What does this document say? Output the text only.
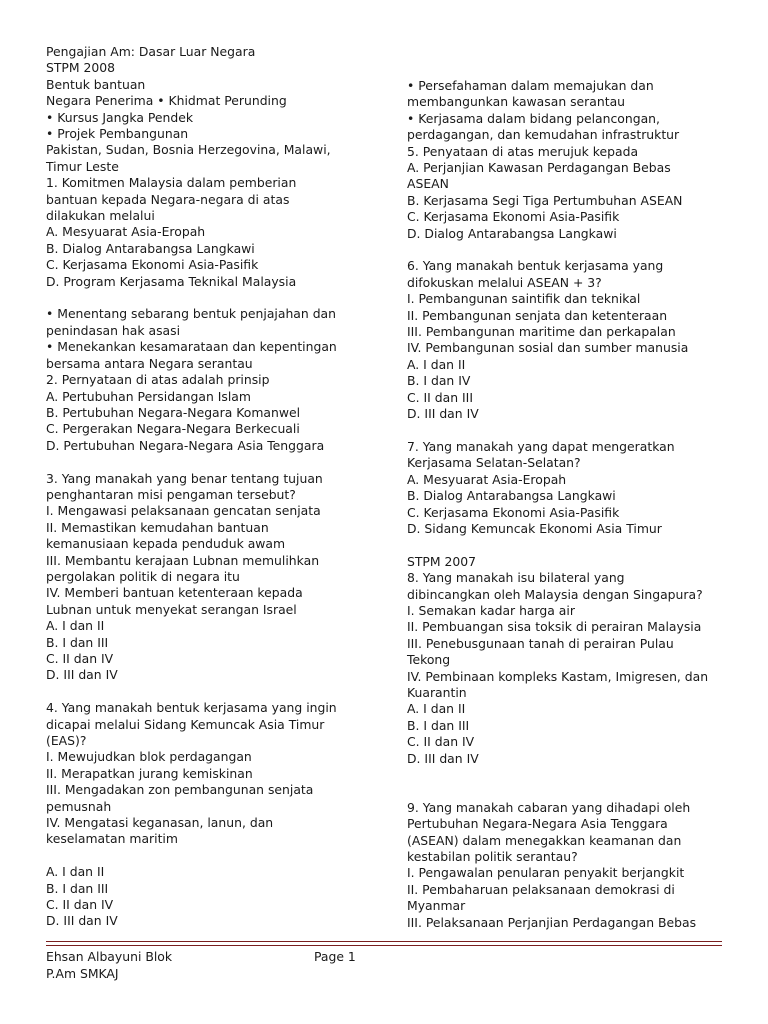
Pengajian Am: Dasar Luar Negara
STPM 2008
Bentuk bantuan
Negara Penerima • Khidmat Perunding
• Kursus Jangka Pendek
• Projek Pembangunan
Pakistan, Sudan, Bosnia Herzegovina, Malawi,
Timur Leste
1. Komitmen Malaysia dalam pemberian
bantuan kepada Negara-negara di atas
dilakukan melalui
A. Mesyuarat Asia-Eropah
B. Dialog Antarabangsa Langkawi
C. Kerjasama Ekonomi Asia-Pasifik
D. Program Kerjasama Teknikal Malaysia
• Menentang sebarang bentuk penjajahan dan
penindasan hak asasi
• Menekankan kesamarataan dan kepentingan
bersama antara Negara serantau
2. Pernyataan di atas adalah prinsip
A. Pertubuhan Persidangan Islam
B. Pertubuhan Negara-Negara Komanwel
C. Pergerakan Negara-Negara Berkecuali
D. Pertubuhan Negara-Negara Asia Tenggara
3. Yang manakah yang benar tentang tujuan
penghantaran misi pengaman tersebut?
I. Mengawasi pelaksanaan gencatan senjata
II. Memastikan kemudahan bantuan
kemanusiaan kepada penduduk awam
III. Membantu kerajaan Lubnan memulihkan
pergolakan politik di negara itu
IV. Memberi bantuan ketenteraan kepada
Lubnan untuk menyekat serangan Israel
A. I dan II
B. I dan III
C. II dan IV
D. III dan IV
4. Yang manakah bentuk kerjasama yang ingin
dicapai melalui Sidang Kemuncak Asia Timur
(EAS)?
I. Mewujudkan blok perdagangan
II. Merapatkan jurang kemiskinan
III. Mengadakan zon pembangunan senjata
pemusnah
IV. Mengatasi keganasan, lanun, dan
keselamatan maritim
A. I dan II
B. I dan III
C. II dan IV
D. III dan IV
• Persefahaman dalam memajukan dan
membangunkan kawasan serantau
• Kerjasama dalam bidang pelancongan,
perdagangan, dan kemudahan infrastruktur
5. Penyataan di atas merujuk kepada
A. Perjanjian Kawasan Perdagangan Bebas
ASEAN
B. Kerjasama Segi Tiga Pertumbuhan ASEAN
C. Kerjasama Ekonomi Asia-Pasifik
D. Dialog Antarabangsa Langkawi
6. Yang manakah bentuk kerjasama yang
difokuskan melalui ASEAN + 3?
I. Pembangunan saintifik dan teknikal
II. Pembangunan senjata dan ketenteraan
III. Pembangunan maritime dan perkapalan
IV. Pembangunan sosial dan sumber manusia
A. I dan II
B. I dan IV
C. II dan III
D. III dan IV
7. Yang manakah yang dapat mengeratkan
Kerjasama Selatan-Selatan?
A. Mesyuarat Asia-Eropah
B. Dialog Antarabangsa Langkawi
C. Kerjasama Ekonomi Asia-Pasifik
D. Sidang Kemuncak Ekonomi Asia Timur
STPM 2007
8. Yang manakah isu bilateral yang
dibincangkan oleh Malaysia dengan Singapura?
I. Semakan kadar harga air
II. Pembuangan sisa toksik di perairan Malaysia
III. Penebusgunaan tanah di perairan Pulau
Tekong
IV. Pembinaan kompleks Kastam, Imigresen, dan
Kuarantin
A. I dan II
B. I dan III
C. II dan IV
D. III dan IV
9. Yang manakah cabaran yang dihadapi oleh
Pertubuhan Negara-Negara Asia Tenggara
(ASEAN) dalam menegakkan keamanan dan
kestabilan politik serantau?
I. Pengawalan penularan penyakit berjangkit
II. Pembaharuan pelaksanaan demokrasi di
Myanmar
III. Pelaksanaan Perjanjian Perdagangan Bebas
Ehsan Albayuni Blok
P.Am SMKAJ
Page 1
